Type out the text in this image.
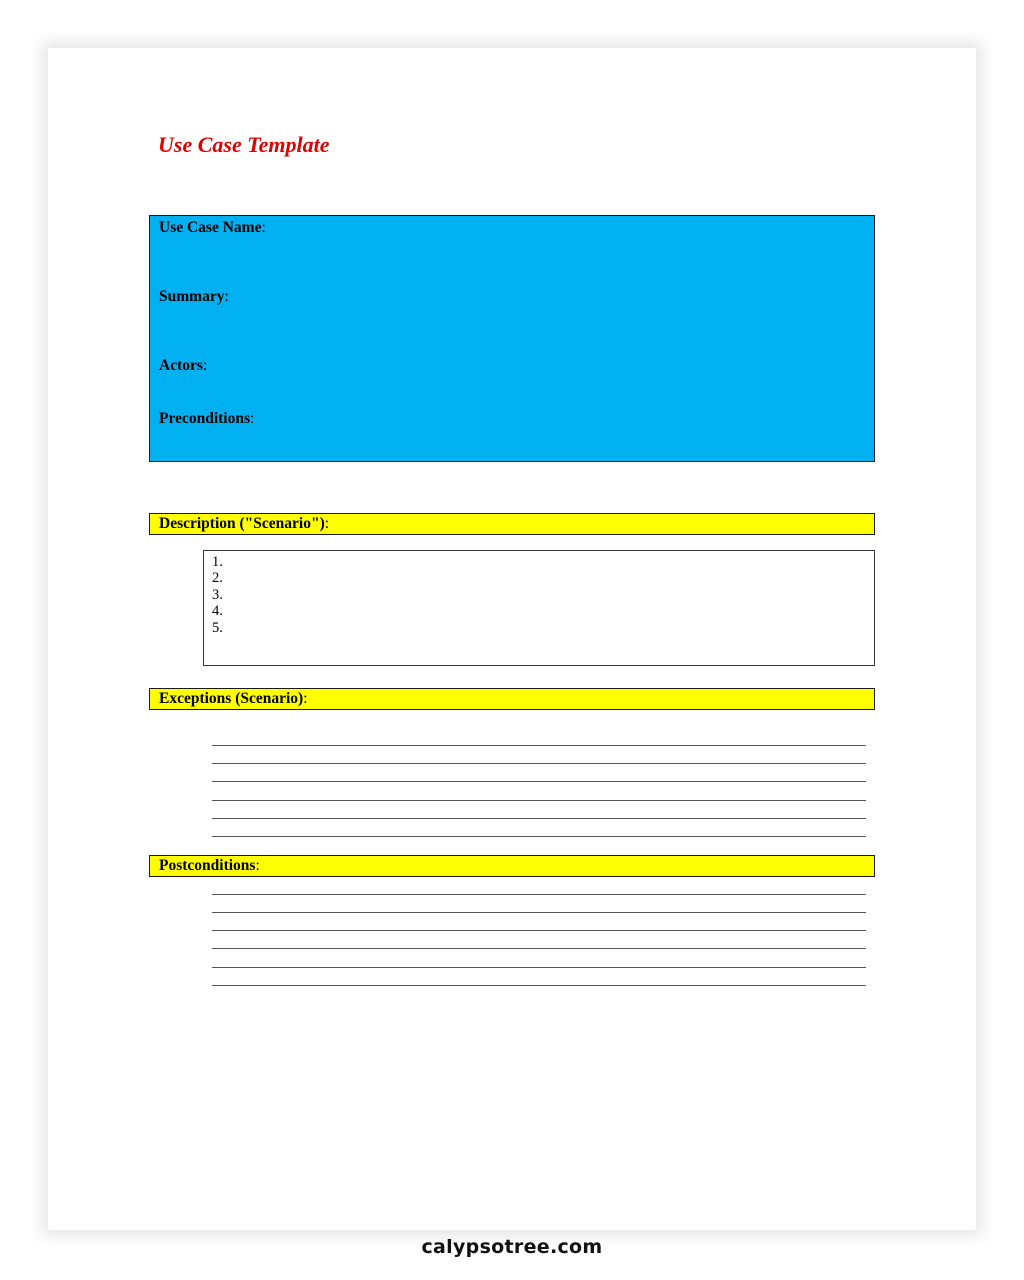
Use Case Template
Use Case Name:
Summary:
Actors:
Preconditions:
Description ("Scenario"):
1.
2.
3.
4.
5.
Exceptions (Scenario):
Postconditions:
calypsotree.com
